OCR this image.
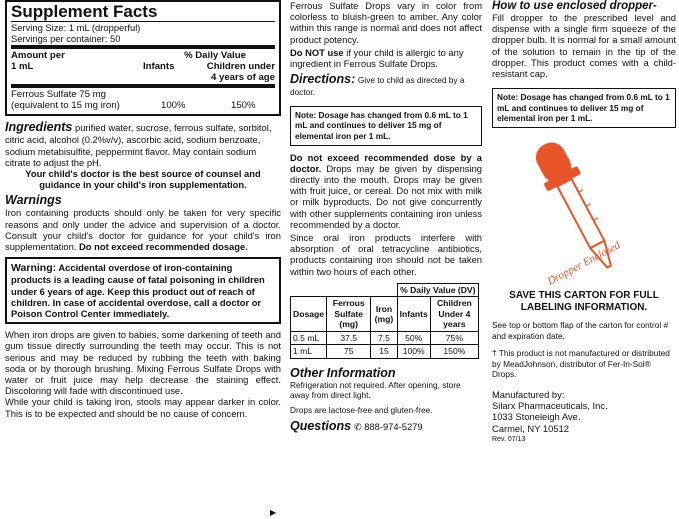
Supplement Facts
Serving Size: 1 mL (dropperful)
Servings per container: 50
Amount per	% Daily Value
1 mL	Infants	Children under
4 years of age
Ferrous Sulfate 75 mg
(equivalent to 15 mg iron)	100%	150%
Ingredients purified water, sucrose, ferrous sulfate, sorbitol, citric acid, alcohol (0.2%v/v), ascorbic acid, sodium benzoate, sodium metabisulfite, peppermint flavor. May contain sodium citrate to adjust the pH.
Your child's doctor is the best source of counsel and guidance in your child's iron supplementation.
Warnings
Iron containing products should only be taken for very specific reasons and only under the advice and supervision of a doctor. Consult your child's doctor for guidance for your child's iron supplementation. Do not exceed recommended dosage.
Warning: Accidental overdose of iron-containing products is a leading cause of fatal poisoning in children under 6 years of age. Keep this product out of reach of children. In case of accidental overdose, call a doctor or Poison Control Center immediately.
When iron drops are given to babies, some darkening of teeth and gum tissue directly surrounding the teeth may occur. This is not serious and may be reduced by rubbing the teeth with baking soda or by thorough brushing. Mixing Ferrous Sulfate Drops with water or fruit juice may help decrease the staining effect. Discoloring will fade with discontinued use.
While your child is taking iron, stools may appear darker in color. This is to be expected and should be no cause of concern.
Ferrous Sulfate Drops vary in color from colorless to bluish-green to amber. Any color within this range is normal and does not affect product potency.
Do NOT use if your child is allergic to any ingredient in Ferrous Sulfate Drops.
Directions: Give to child as directed by a doctor.
Note: Dosage has changed from 0.6 mL to 1 mL and continues to deliver 15 mg of elemental iron per 1 mL.
Do not exceed recommended dose by a doctor. Drops may be given by dispensing directly into the mouth. Drops may be given with fruit juice, or cereal. Do not mix with milk or milk byproducts. Do not give concurrently with other supplements containing iron unless recommended by a doctor.
Since oral iron products interfere with absorption of oral tetracycline antibiotics, products containing iron should not be taken within two hours of each other.
			% Daily Value (DV)	
Dosage	Ferrous Sulfate (mg)	Iron (mg)	Infants	Children Under 4 years
0.5 mL	37.5	7.5	50%	75%
1 mL	75	15	100%	150%
Other Information
Refrigeration not required. After opening, store away from direct light.
Drops are lactose-free and gluten-free.
Questions ✆ 888-974-5279
▶
How to use enclosed dropper-
Fill dropper to the prescribed level and dispense with a single firm squeeze of the dropper bulb. It is normal for a small amount of the solution to remain in the tip of the dropper. This product comes with a child-resistant cap.
Note: Dosage has changed from 0.6 mL to 1 mL and continues to deliver 15 mg of elemental iron per 1 mL.
Dropper Enclosed
SAVE THIS CARTON FOR FULL LABELING INFORMATION.
See top or bottom flap of the carton for control # and expiration date.
† This product is not manufactured or distributed by MeadJohnson, distributor of Fer-In-Sol® Drops.
Manufactured by:
Silarx Pharmaceuticals, Inc.
1033 Stoneleigh Ave.
Carmel, NY 10512
Rev. 07/13
